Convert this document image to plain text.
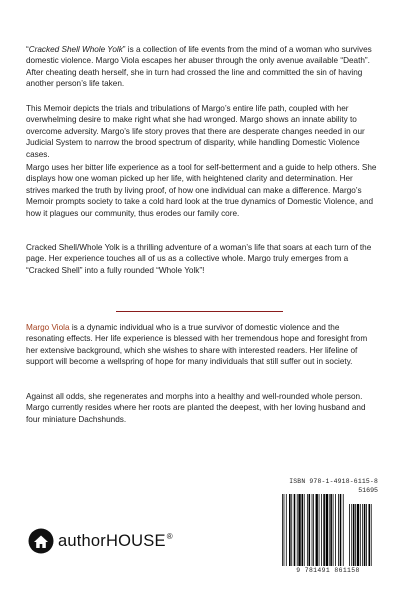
“Cracked Shell Whole Yolk” is a collection of life events from the mind of a woman who survives domestic violence. Margo Viola escapes her abuser through the only avenue available “Death”. After cheating death herself, she in turn had crossed the line and committed the sin of having another person’s life taken.

This Memoir depicts the trials and tribulations of Margo’s entire life path, coupled with her overwhelming desire to make right what she had wronged. Margo shows an innate ability to overcome adversity. Margo’s life story proves that there are desperate changes needed in our Judicial System to narrow the brood spectrum of disparity, while handling Domestic Violence cases.

Margo uses her bitter life experience as a tool for self-betterment and a guide to help others. She displays how one woman picked up her life, with heightened clarity and determination. Her strives marked the truth by living proof, of how one individual can make a difference. Margo’s Memoir prompts society to take a cold hard look at the true dynamics of Domestic Violence, and how it plagues our community, thus erodes our family core.

Cracked Shell/Whole Yolk is a thrilling adventure of a woman’s life that soars at each turn of the page. Her experience touches all of us as a collective whole. Margo truly emerges from a “Cracked Shell” into a fully rounded “Whole Yolk”!

Margo Viola is a dynamic individual who is a true survivor of domestic violence and the resonating effects. Her life experience is blessed with her tremendous hope and foresight from her extensive background, which she wishes to share with interested readers. Her lifeline of support will become a wellspring of hope for many individuals that still suffer out in society.

Against all odds, she regenerates and morphs into a healthy and well-rounded whole person. Margo currently resides where her roots are planted the deepest, with her loving husband and four miniature Dachshunds.

authorHOUSE®
ISBN 978-1-4918-6115-8
51695
9 781491 861158
